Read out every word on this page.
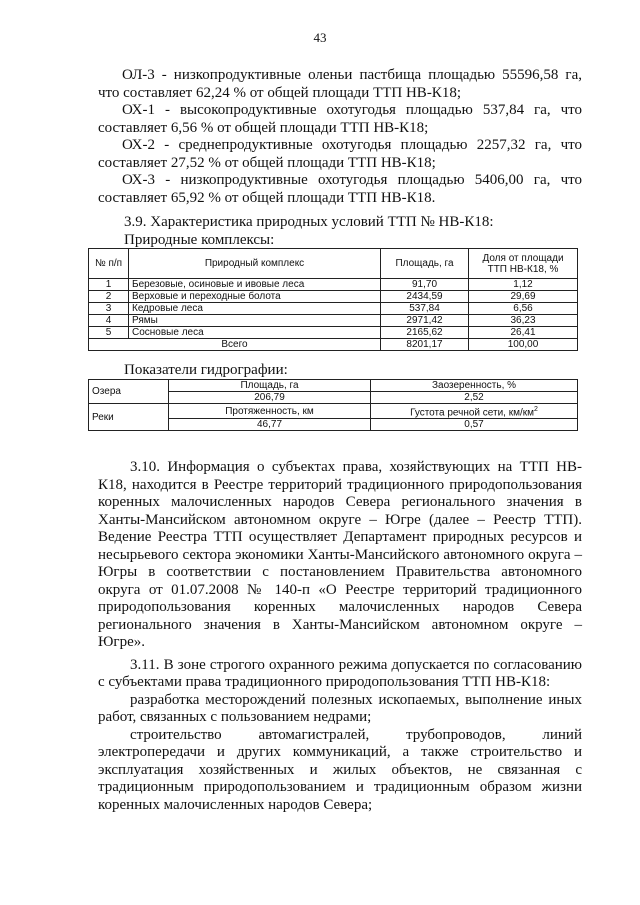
43

ОЛ-3 - низкопродуктивные оленьи пастбища площадью 55596,58 га, что составляет 62,24 % от общей площади ТТП НВ-К18;

ОХ-1 - высокопродуктивные охотугодья площадью 537,84 га, что составляет 6,56 % от общей площади ТТП НВ-К18;

ОХ-2 - среднепродуктивные охотугодья площадью 2257,32 га, что составляет 27,52 % от общей площади ТТП НВ-К18;

ОХ-3 - низкопродуктивные охотугодья площадью 5406,00 га, что составляет 65,92 % от общей площади ТТП НВ-К18.

3.9. Характеристика природных условий ТТП № НВ-К18:
Природные комплексы:
№ п/п	Природный комплекс	Площадь, га	Доля от площади ТТП НВ-К18, %
1	Березовые, осиновые и ивовые леса	91,70	1,12
2	Верховые и переходные болота	2434,59	29,69
3	Кедровые леса	537,84	6,56
4	Рямы	2971,42	36,23
5	Сосновые леса	2165,62	26,41
Всего		8201,17	100,00
Показатели гидрографии:
Озера	Площадь, га	Заозеренность, %
	206,79	2,52
Реки	Протяженность, км	Густота речной сети, $км/км^2$
	46,77	0,57

3.10. Информация о субъектах права, хозяйствующих на ТТП НВ-К18, находится в Реестре территорий традиционного природопользования коренных малочисленных народов Севера регионального значения в Ханты-Мансийском автономном округе – Югре (далее – Реестр ТТП). Ведение Реестра ТТП осуществляет Департамент природных ресурсов и несырьевого сектора экономики Ханты-Мансийского автономного округа – Югры в соответствии с постановлением Правительства автономного округа от 01.07.2008 № 140-п «О Реестре территорий традиционного природопользования коренных малочисленных народов Севера регионального значения в Ханты-Мансийском автономном округе – Югре».

3.11. В зоне строгого охранного режима допускается по согласованию с субъектами права традиционного природопользования ТТП НВ-К18:

разработка месторождений полезных ископаемых, выполнение иных работ, связанных с пользованием недрами;

строительство автомагистралей, трубопроводов, линий электропередачи и других коммуникаций, а также строительство и эксплуатация хозяйственных и жилых объектов, не связанная с традиционным природопользованием и традиционным образом жизни коренных малочисленных народов Севера;
